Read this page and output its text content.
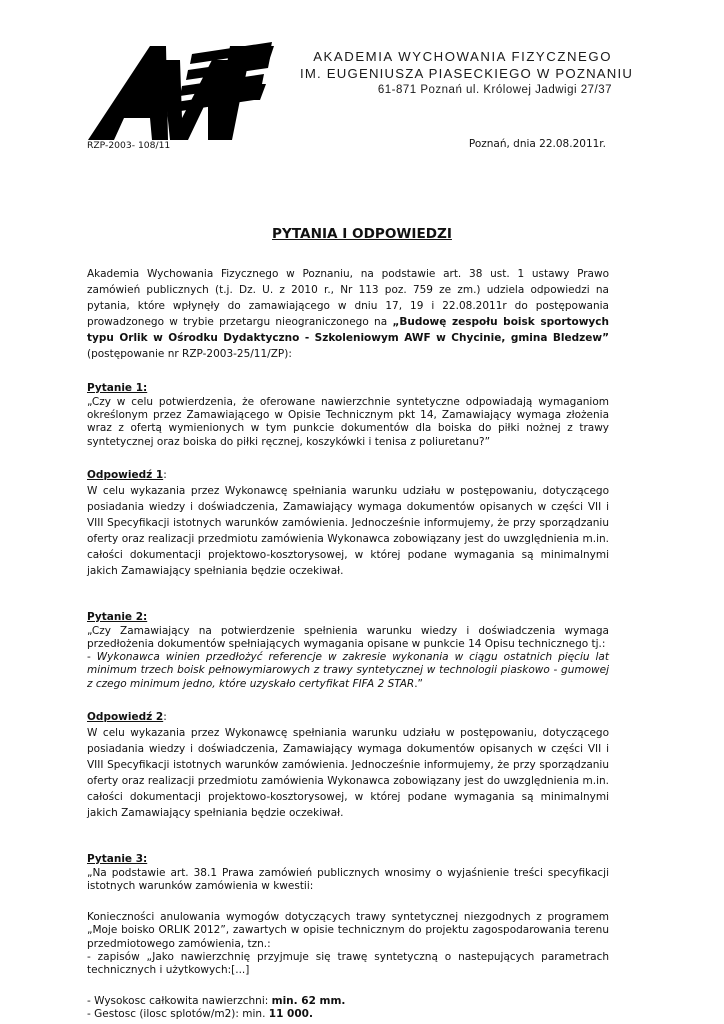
AKADEMIA WYCHOWANIA FIZYCZNEGO
IM. EUGENIUSZA PIASECKIEGO W POZNANIU
61-871 Poznań ul. Królowej Jadwigi 27/37
RZP-2003- 108/11	Poznań, dnia 22.08.2011r.
PYTANIA I ODPOWIEDZI

Akademia Wychowania Fizycznego w Poznaniu, na podstawie art. 38 ust. 1 ustawy Prawo zamówień publicznych (t.j. Dz. U. z 2010 r., Nr 113 poz. 759 ze zm.) udziela odpowiedzi na pytania, które wpłynęły do zamawiającego w dniu 17, 19 i 22.08.2011r do postępowania prowadzonego w trybie przetargu nieograniczonego na „Budowę zespołu boisk sportowych typu Orlik w Ośrodku Dydaktyczno - Szkoleniowym AWF w Chycinie, gmina Bledzew” (postępowanie nr RZP-2003-25/11/ZP):

Pytanie 1:

„Czy w celu potwierdzenia, że oferowane nawierzchnie syntetyczne odpowiadają wymaganiom określonym przez Zamawiającego w Opisie Technicznym pkt 14, Zamawiający wymaga złożenia wraz z ofertą wymienionych w tym punkcie dokumentów dla boiska do piłki nożnej z trawy syntetycznej oraz boiska do piłki ręcznej, koszykówki i tenisa z poliuretanu?”

Odpowiedź 1:

W celu wykazania przez Wykonawcę spełniania warunku udziału w postępowaniu, dotyczącego posiadania wiedzy i doświadczenia, Zamawiający wymaga dokumentów opisanych w części VII i VIII Specyfikacji istotnych warunków zamówienia. Jednocześnie informujemy, że przy sporządzaniu oferty oraz realizacji przedmiotu zamówienia Wykonawca zobowiązany jest do uwzględnienia m.in. całości dokumentacji projektowo-kosztorysowej, w której podane wymagania są minimalnymi jakich Zamawiający spełniania będzie oczekiwał.

Pytanie 2:

„Czy Zamawiający na potwierdzenie spełnienia warunku wiedzy i doświadczenia wymaga przedłożenia dokumentów spełniających wymagania opisane w punkcie 14 Opisu technicznego tj.:

- Wykonawca winien przedłożyć referencje w zakresie wykonania w ciągu ostatnich pięciu lat minimum trzech boisk pełnowymiarowych z trawy syntetycznej w technologii piaskowo - gumowej z czego minimum jedno, które uzyskało certyfikat FIFA 2 STAR.”

Odpowiedź 2:

W celu wykazania przez Wykonawcę spełniania warunku udziału w postępowaniu, dotyczącego posiadania wiedzy i doświadczenia, Zamawiający wymaga dokumentów opisanych w części VII i VIII Specyfikacji istotnych warunków zamówienia. Jednocześnie informujemy, że przy sporządzaniu oferty oraz realizacji przedmiotu zamówienia Wykonawca zobowiązany jest do uwzględnienia m.in. całości dokumentacji projektowo-kosztorysowej, w której podane wymagania są minimalnymi jakich Zamawiający spełniania będzie oczekiwał.

Pytanie 3:

„Na podstawie art. 38.1 Prawa zamówień publicznych wnosimy o wyjaśnienie treści specyfikacji istotnych warunków zamówienia w kwestii:

Konieczności anulowania wymogów dotyczących trawy syntetycznej niezgodnych z programem „Moje boisko ORLIK 2012”, zawartych w opisie technicznym do projektu zagospodarowania terenu przedmiotowego zamówienia, tzn.:

- zapisów „Jako nawierzchnię przyjmuje się trawę syntetyczną o nastepujących parametrach technicznych i użytkowych:[...]

- Wysokosc całkowita nawierzchni: min. 62 mm.

- Gestosc (ilosc splotów/m2): min. 11 000.
